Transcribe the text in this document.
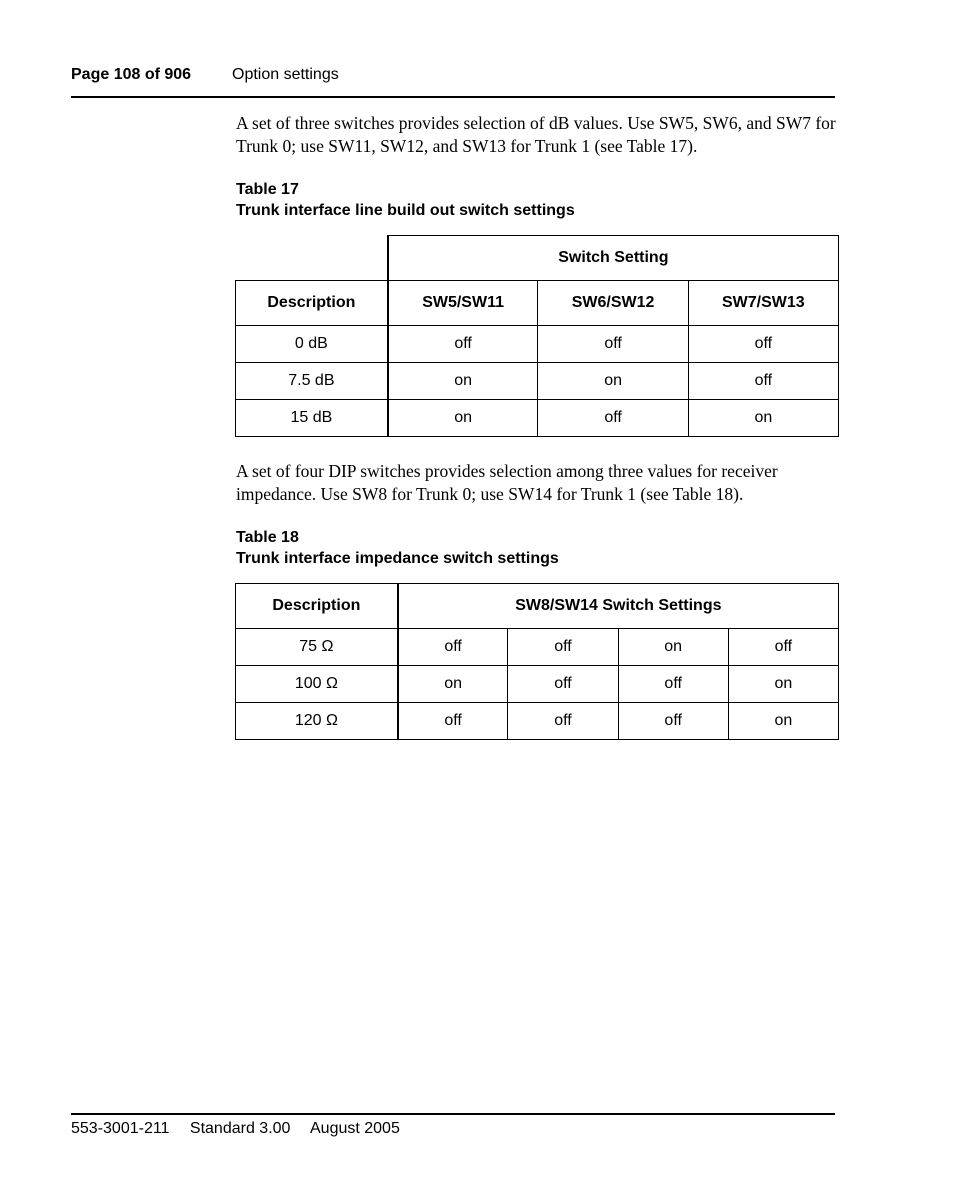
Page 108 of 906	Option settings
A set of three switches provides selection of dB values. Use SW5, SW6, and SW7 for Trunk 0; use SW11, SW12, and SW13 for Trunk 1 (see Table 17).
Table 17
Trunk interface line build out switch settings
	Switch Setting		
Description	SW5/SW11	SW6/SW12	SW7/SW13
0 dB	off	off	off
7.5 dB	on	on	off
15 dB	on	off	on
A set of four DIP switches provides selection among three values for receiver impedance. Use SW8 for Trunk 0; use SW14 for Trunk 1 (see Table 18).
Table 18
Trunk interface impedance switch settings
Description	SW8/SW14 Switch Settings			
75 Ω	off	off	on	off
100 Ω	on	off	off	on
120 Ω	off	off	off	on
553-3001-211 Standard 3.00 August 2005
